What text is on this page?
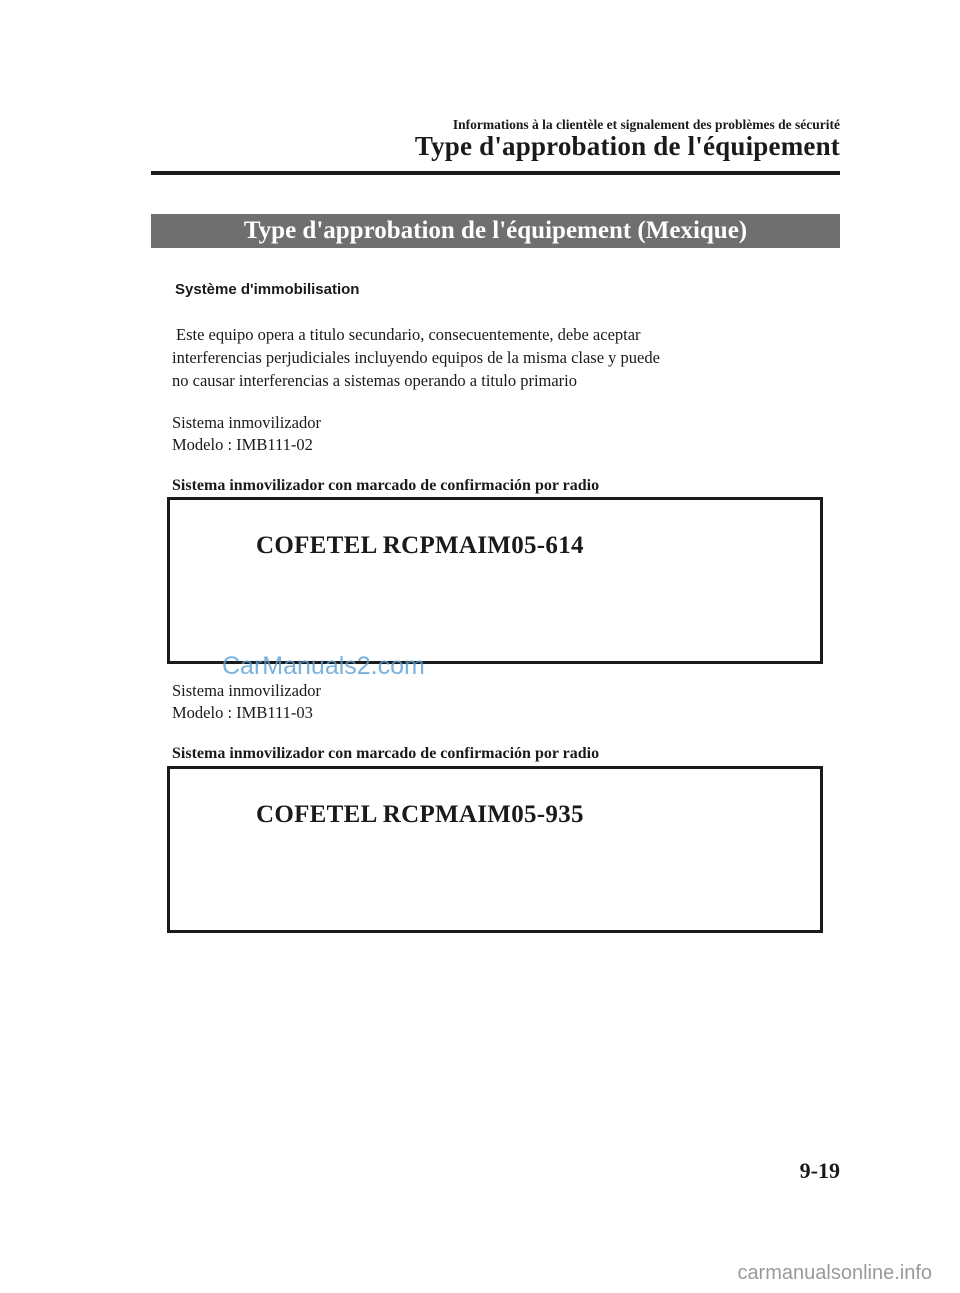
Informations à la clientèle et signalement des problèmes de sécurité
Type d'approbation de l'équipement
Type d'approbation de l'équipement (Mexique)
Système d'immobilisation
Este equipo opera a titulo secundario, consecuentemente, debe aceptar
interferencias perjudiciales incluyendo equipos de la misma clase y puede
no causar interferencias a sistemas operando a titulo primario
Sistema inmovilizador
Modelo : IMB111-02
Sistema inmovilizador con marcado de confirmación por radio
COFETEL RCPMAIM05-614
CarManuals2.com
Sistema inmovilizador
Modelo : IMB111-03
Sistema inmovilizador con marcado de confirmación por radio
COFETEL RCPMAIM05-935
9-19
carmanualsonline.info
